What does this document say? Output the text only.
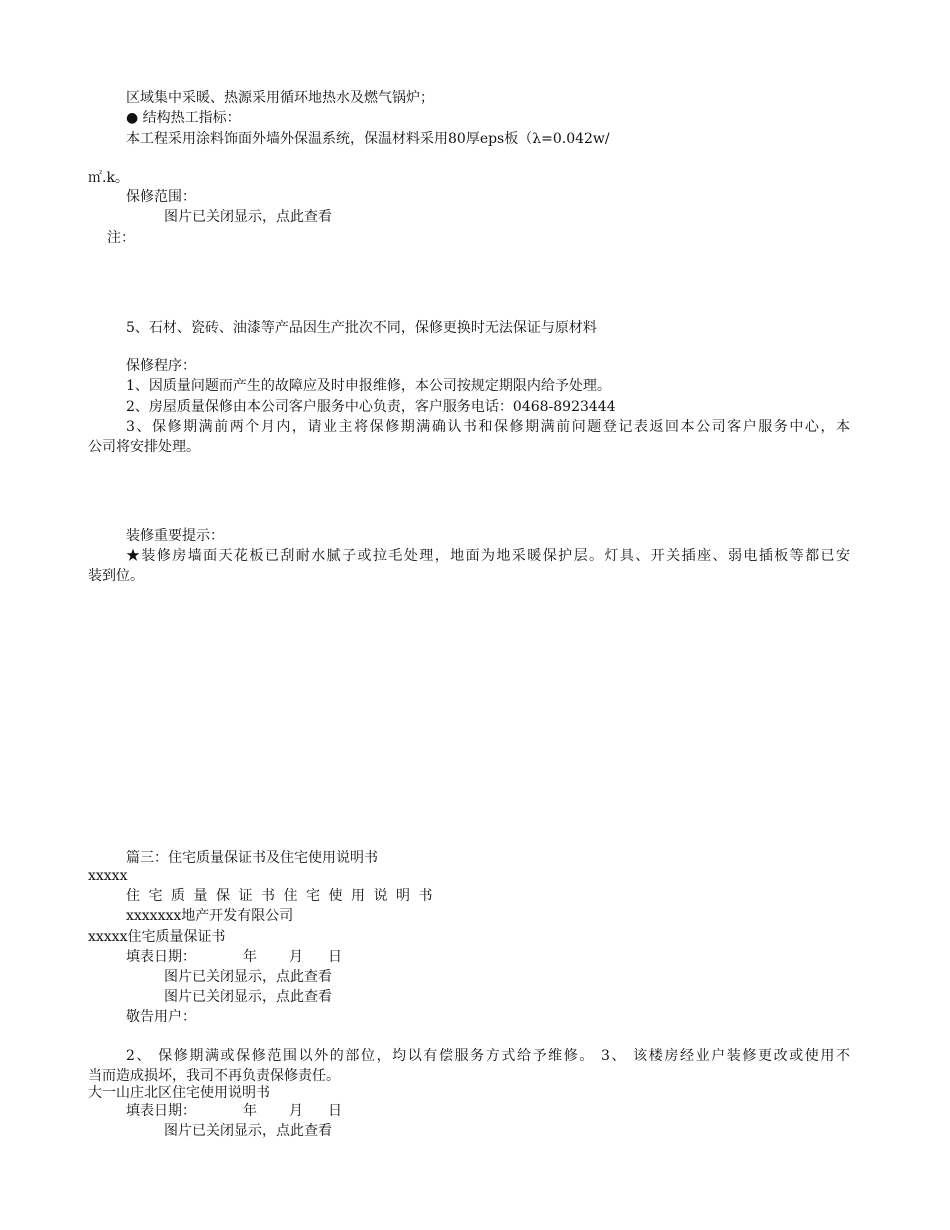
区域集中采暖、热源采用循环地热水及燃气锅炉；
● 结构热工指标：
本工程采用涂料饰面外墙外保温系统，保温材料采用80厚eps板（λ=0.042w/
㎡.k。
保修范围：
图片已关闭显示，点此查看
注：
5、石材、瓷砖、油漆等产品因生产批次不同，保修更换时无法保证与原材料
保修程序：
1、因质量问题而产生的故障应及时申报维修，本公司按规定期限内给予处理。
2、房屋质量保修由本公司客户服务中心负责，客户服务电话：0468-8923444
3、保修期满前两个月内，请业主将保修期满确认书和保修期满前问题登记表返回本公司客户服务中心，本
公司将安排处理。
装修重要提示：
★装修房墙面天花板已刮耐水腻子或拉毛处理，地面为地采暖保护层。灯具、开关插座、弱电插板等都已安
装到位。
篇三：住宅质量保证书及住宅使用说明书
xxxxx
住宅质量保证书住宅使用说明书
xxxxxxx地产开发有限公司
xxxxx住宅质量保证书
填表日期：	年 月 日
图片已关闭显示，点此查看
图片已关闭显示，点此查看
敬告用户：
2、 保修期满或保修范围以外的部位，均以有偿服务方式给予维修。 3、 该楼房经业户装修更改或使用不
当而造成损坏，我司不再负责保修责任。
大一山庄北区住宅使用说明书
填表日期：	年 月 日
图片已关闭显示，点此查看
